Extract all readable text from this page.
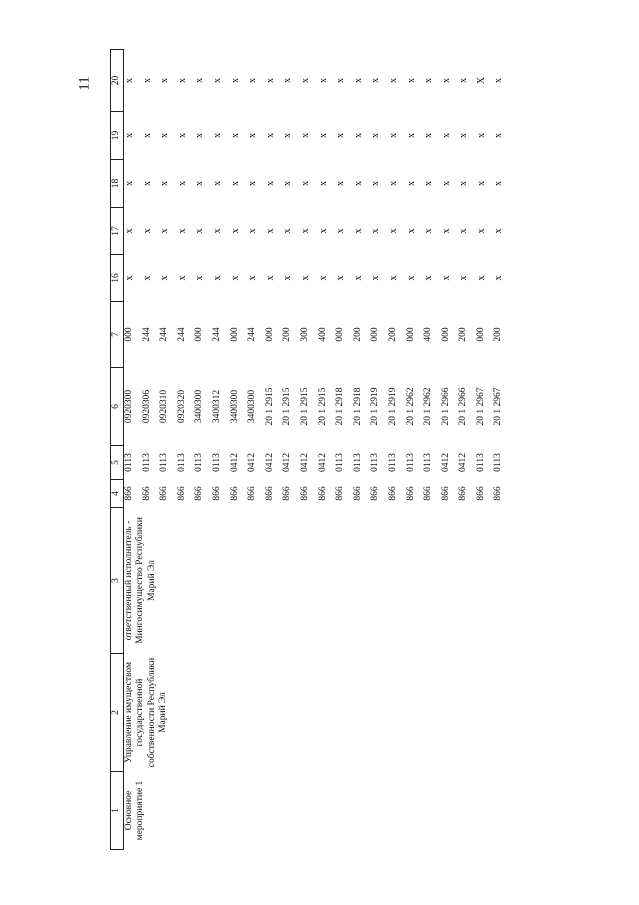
11
1	2	3	4	5	6	7	16	17	18	19	20
Основное мероприятие 1	Управление имуществом государственной собственности Республики Марий Эл	ответственный исполнитель - Мингосимущество Республики Марий Эл	866	0113	0920300	000	x	x	x	x	x
			866	0113	0920306	244	x	x	x	x	x
			866	0113	0920310	244	x	x	x	x	x
			866	0113	0920320	244	x	x	x	x	x
			866	0113	3400300	000	x	x	x	x	x
			866	0113	3400312	244	x	x	x	x	x
			866	0412	3400300	000	x	x	x	x	x
			866	0412	3400300	244	x	x	x	x	x
			866	0412	20 1 2915	000	x	x	x	x	x
			866	0412	20 1 2915	200	x	x	x	x	x
			866	0412	20 1 2915	300	x	x	x	x	x
			866	0412	20 1 2915	400	x	x	x	x	x
			866	0113	20 1 2918	000	x	x	x	x	x
			866	0113	20 1 2918	200	x	x	x	x	x
			866	0113	20 1 2919	000	x	x	x	x	x
			866	0113	20 1 2919	200	x	x	x	x	x
			866	0113	20 1 2962	000	x	x	x	x	x
			866	0113	20 1 2962	400	x	x	x	x	x
			866	0412	20 1 2966	000	x	x	x	x	x
			866	0412	20 1 2966	200	x	x	x	x	x
			866	0113	20 1 2967	000	x	x	x	x	X
			866	0113	20 1 2967	200	x	x	x	x	x
